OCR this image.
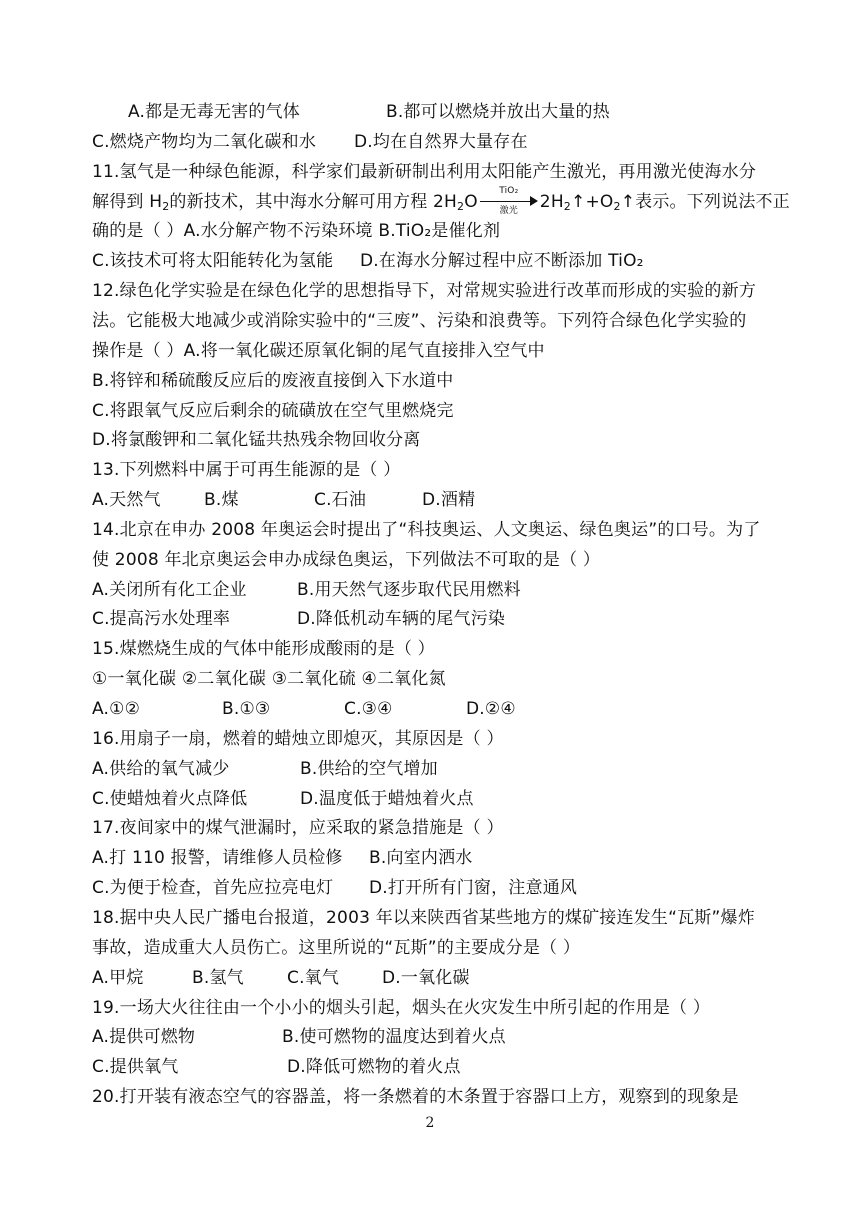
A.都是无毒无害的气体	B.都可以燃烧并放出大量的热
C.燃烧产物均为二氧化碳和水 D.均在自然界大量存在
11.氢气是一种绿色能源，科学家们最新研制出利用太阳能产生激光，再用激光使海水分
解得到 $H_2$的新技术，其中海水分解可用方程 $2H_2O$
TiO₂
激光	$2H_2↑+O_2↑$表示。下列说法不正
确的是（ ）A.水分解产物不污染环境 B.TiO₂是催化剂
C.该技术可将太阳能转化为氢能 D.在海水分解过程中应不断添加 TiO₂
12.绿色化学实验是在绿色化学的思想指导下，对常规实验进行改革而形成的实验的新方
法。它能极大地减少或消除实验中的“三废”、污染和浪费等。下列符合绿色化学实验的
操作是（ ）A.将一氧化碳还原氧化铜的尾气直接排入空气中
B.将锌和稀硫酸反应后的废液直接倒入下水道中
C.将跟氧气反应后剩余的硫磺放在空气里燃烧完
D.将氯酸钾和二氧化锰共热残余物回收分离
13.下列燃料中属于可再生能源的是（ ）
A.天然气	B.煤	C.石油	D.酒精
14.北京在申办 2008 年奥运会时提出了“科技奥运、人文奥运、绿色奥运”的口号。为了
使 2008 年北京奥运会申办成绿色奥运，下列做法不可取的是（ ）
A.关闭所有化工企业	B.用天然气逐步取代民用燃料
C.提高污水处理率	D.降低机动车辆的尾气污染
15.煤燃烧生成的气体中能形成酸雨的是（ ）
①一氧化碳 ②二氧化碳 ③二氧化硫 ④二氧化氮
A.①②	B.①③	C.③④	D.②④
16.用扇子一扇，燃着的蜡烛立即熄灭，其原因是（ ）
A.供给的氧气减少	B.供给的空气增加
C.使蜡烛着火点降低	D.温度低于蜡烛着火点
17.夜间家中的煤气泄漏时，应采取的紧急措施是（ ）
A.打 110 报警，请维修人员检修 B.向室内洒水
C.为便于检查，首先应拉亮电灯 D.打开所有门窗，注意通风
18.据中央人民广播电台报道，2003 年以来陕西省某些地方的煤矿接连发生“瓦斯”爆炸
事故，造成重大人员伤亡。这里所说的“瓦斯”的主要成分是（ ）
A.甲烷	B.氢气	C.氧气	D.一氧化碳
19.一场大火往往由一个小小的烟头引起，烟头在火灾发生中所引起的作用是（ ）
A.提供可燃物	B.使可燃物的温度达到着火点
C.提供氧气	D.降低可燃物的着火点
20.打开装有液态空气的容器盖，将一条燃着的木条置于容器口上方，观察到的现象是
2
